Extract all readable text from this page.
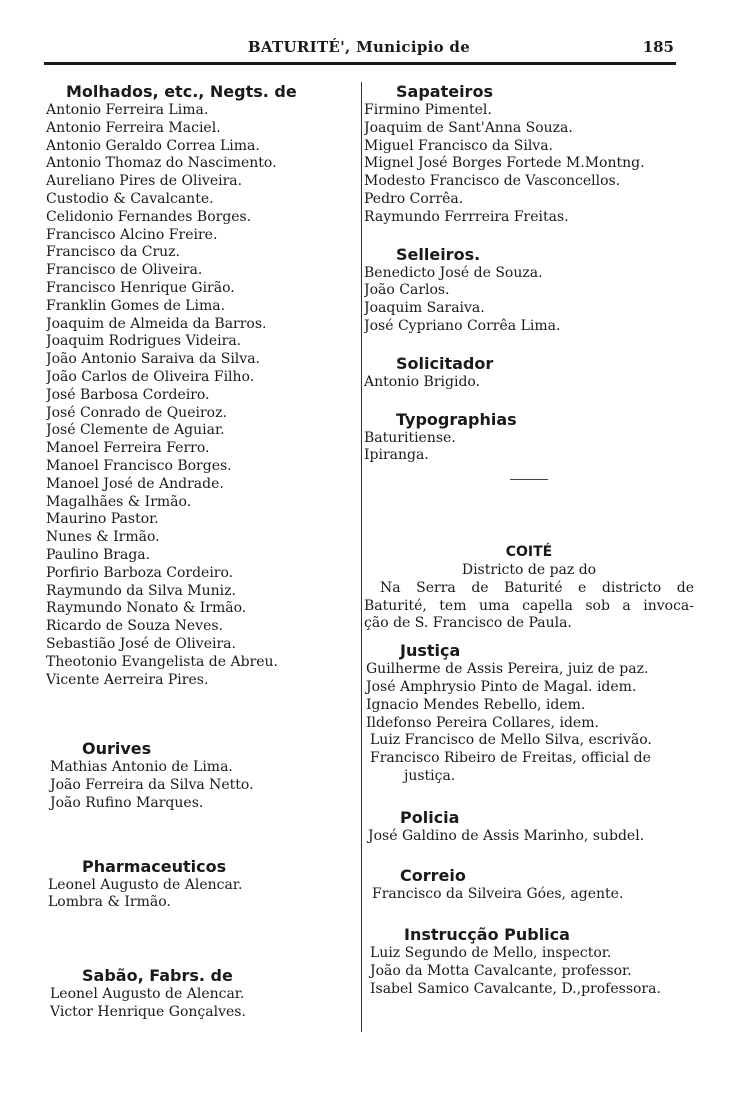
BATURITÉ', Municipio de	185
Molhados, etc., Negts. de
Antonio Ferreira Lima.
Antonio Ferreira Maciel.
Antonio Geraldo Correa Lima.
Antonio Thomaz do Nascimento.
Aureliano Pires de Oliveira.
Custodio & Cavalcante.
Celidonio Fernandes Borges.
Francisco Alcino Freire.
Francisco da Cruz.
Francisco de Oliveira.
Francisco Henrique Girão.
Franklin Gomes de Lima.
Joaquim de Almeida da Barros.
Joaquim Rodrigues Videira.
João Antonio Saraiva da Silva.
João Carlos de Oliveira Filho.
José Barbosa Cordeiro.
José Conrado de Queiroz.
José Clemente de Aguiar.
Manoel Ferreira Ferro.
Manoel Francisco Borges.
Manoel José de Andrade.
Magalhães & Irmão.
Maurino Pastor.
Nunes & Irmão.
Paulino Braga.
Porfirio Barboza Cordeiro.
Raymundo da Silva Muniz.
Raymundo Nonato & Irmão.
Ricardo de Souza Neves.
Sebastião José de Oliveira.
Theotonio Evangelista de Abreu.
Vicente Aerreira Pires.
Ourives
Mathias Antonio de Lima.
João Ferreira da Silva Netto.
João Rufino Marques.
Pharmaceuticos
Leonel Augusto de Alencar.
Lombra & Irmão.
Sabão, Fabrs. de
Leonel Augusto de Alencar.
Victor Henrique Gonçalves.
Sapateiros
Firmino Pimentel.
Joaquim de Sant'Anna Souza.
Miguel Francisco da Silva.
Mignel José Borges Fortede M.Montng.
Modesto Francisco de Vasconcellos.
Pedro Corrêa.
Raymundo Ferrreira Freitas.
Selleiros.
Benedicto José de Souza.
João Carlos.
Joaquim Saraiva.
José Cypriano Corrêa Lima.
Solicitador
Antonio Brigido.
Typographias
Baturitiense.
Ipiranga.
COITÉ
Districto de paz do
Na Serra de Baturité e districto de
Baturité, tem uma capella sob a invoca-
ção de S. Francisco de Paula.
Justiça
Guilherme de Assis Pereira, juiz de paz.
José Amphrysio Pinto de Magal. idem.
Ignacio Mendes Rebello, idem.
Ildefonso Pereira Collares, idem.
Luiz Francisco de Mello Silva, escrivão.
Francisco Ribeiro de Freitas, official de
justiça.
Policia
José Galdino de Assis Marinho, subdel.
Correio
Francisco da Silveira Góes, agente.
Instrucção Publica
Luiz Segundo de Mello, inspector.
João da Motta Cavalcante, professor.
Isabel Samico Cavalcante, D.,professora.
